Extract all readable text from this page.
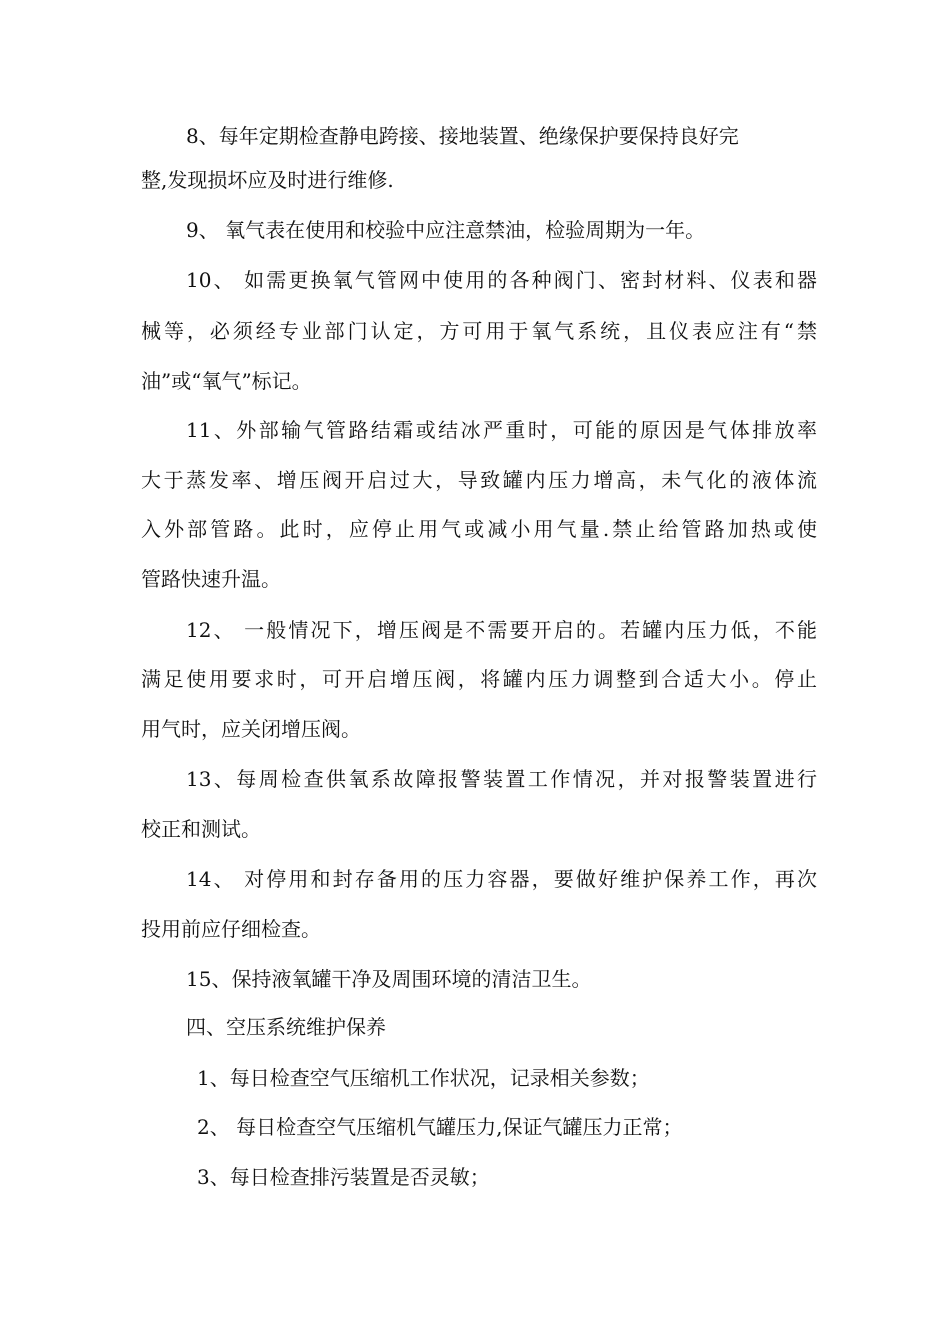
8、每年定期检查静电跨接、接地装置、绝缘保护要保持良好完
整,发现损坏应及时进行维修.
9、 氧气表在使用和校验中应注意禁油，检验周期为一年。
10、 如需更换氧气管网中使用的各种阀门、密封材料、仪表和器
械等，必须经专业部门认定，方可用于氧气系统，且仪表应注有“禁
油”或“氧气”标记。
11、外部输气管路结霜或结冰严重时，可能的原因是气体排放率
大于蒸发率、增压阀开启过大，导致罐内压力增高，未气化的液体流
入外部管路。此时，应停止用气或减小用气量.禁止给管路加热或使
管路快速升温。
12、 一般情况下，增压阀是不需要开启的。若罐内压力低，不能
满足使用要求时，可开启增压阀，将罐内压力调整到合适大小。停止
用气时，应关闭增压阀。
13、每周检查供氧系故障报警装置工作情况，并对报警装置进行
校正和测试。
14、 对停用和封存备用的压力容器，要做好维护保养工作，再次
投用前应仔细检查。
15、保持液氧罐干净及周围环境的清洁卫生。
四、空压系统维护保养
1、每日检查空气压缩机工作状况，记录相关参数；
2、 每日检查空气压缩机气罐压力,保证气罐压力正常；
3、每日检查排污装置是否灵敏；
